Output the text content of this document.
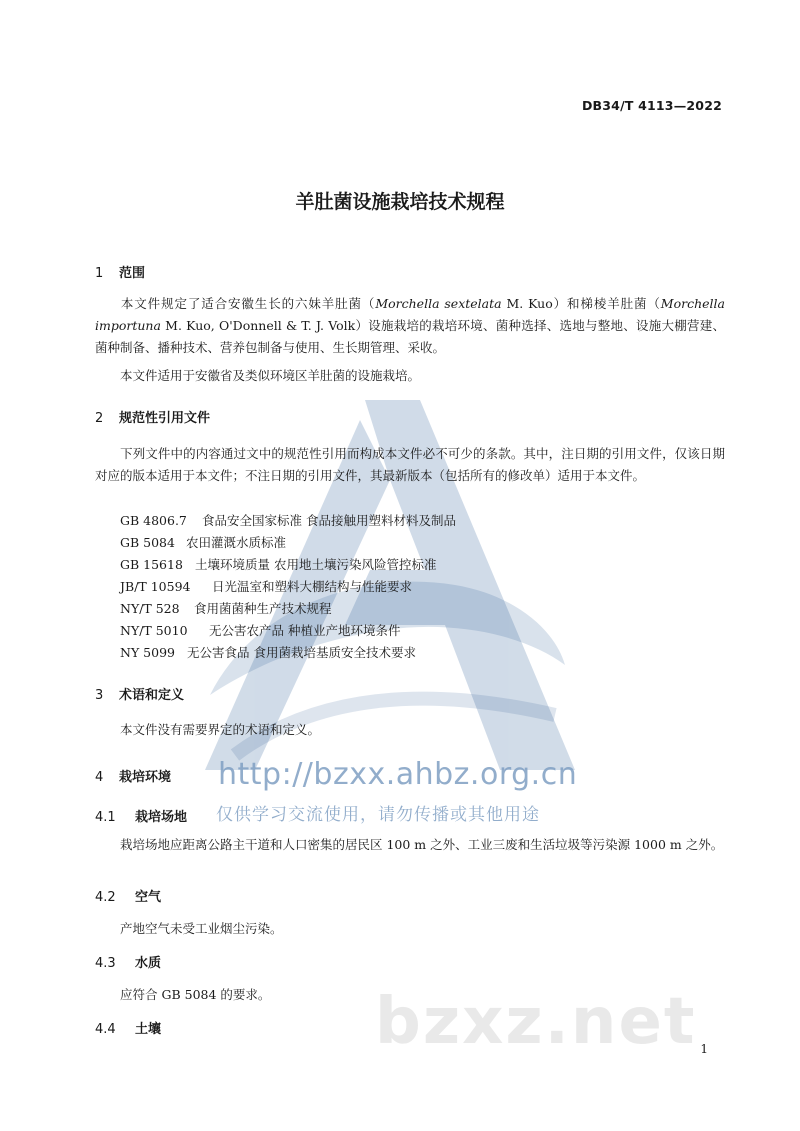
DB34/T 4113—2022
羊肚菌设施栽培技术规程
1 范围
本文件规定了适合安徽生长的六妹羊肚菌（Morchella sextelata M. Kuo）和梯棱羊肚菌（Morchella importuna M. Kuo, O'Donnell & T. J. Volk）设施栽培的栽培环境、菌种选择、选地与整地、设施大棚营建、菌种制备、播种技术、营养包制备与使用、生长期管理、采收。
本文件适用于安徽省及类似环境区羊肚菌的设施栽培。
2 规范性引用文件
下列文件中的内容通过文中的规范性引用而构成本文件必不可少的条款。其中，注日期的引用文件，仅该日期对应的版本适用于本文件；不注日期的引用文件，其最新版本（包括所有的修改单）适用于本文件。
GB 4806.7 食品安全国家标准 食品接触用塑料材料及制品
GB 5084 农田灌溉水质标准
GB 15618 土壤环境质量 农用地土壤污染风险管控标准
JB/T 10594 日光温室和塑料大棚结构与性能要求
NY/T 528 食用菌菌种生产技术规程
NY/T 5010 无公害农产品 种植业产地环境条件
NY 5099 无公害食品 食用菌栽培基质安全技术要求
3 术语和定义
本文件没有需要界定的术语和定义。
4 栽培环境
4.1 栽培场地
栽培场地应距离公路主干道和人口密集的居民区 100 m 之外、工业三废和生活垃圾等污染源 1000 m 之外。
4.2 空气
产地空气未受工业烟尘污染。
4.3 水质
应符合 GB 5084 的要求。
4.4 土壤
http://bzxx.ahbz.org.cn
仅供学习交流使用，请勿传播或其他用途
bzxz.net 1
